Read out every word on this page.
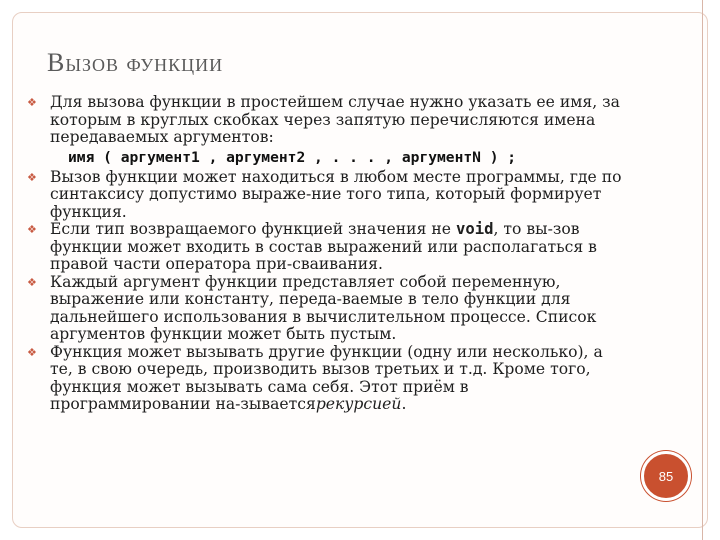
Вызов функции
❖ Для вызова функции в простейшем случае нужно указать ее имя, за которым в круглых скобках через запятую перечисляются имена передаваемых аргументов:
имя ( аргумент1 , аргумент2 , . . . , аргументN ) ;
❖ Вызов функции может находиться в любом месте программы, где по синтаксису допустимо выраже-ние того типа, который формирует функция.
❖ Если тип возвращаемого функцией значения не void, то вы-зов функции может входить в состав выражений или располагаться в правой части оператора при-сваивания.
❖ Каждый аргумент функции представляет собой переменную, выражение или константу, переда-ваемые в тело функции для дальнейшего использования в вычислительном процессе. Список аргументов функции может быть пустым.
❖ Функция может вызывать другие функции (одну или несколько), а те, в свою очередь, производить вызов третьих и т.д. Кроме того, функция может вызывать сама себя. Этот приём в программировании на-зываетсярекурсией.
85
